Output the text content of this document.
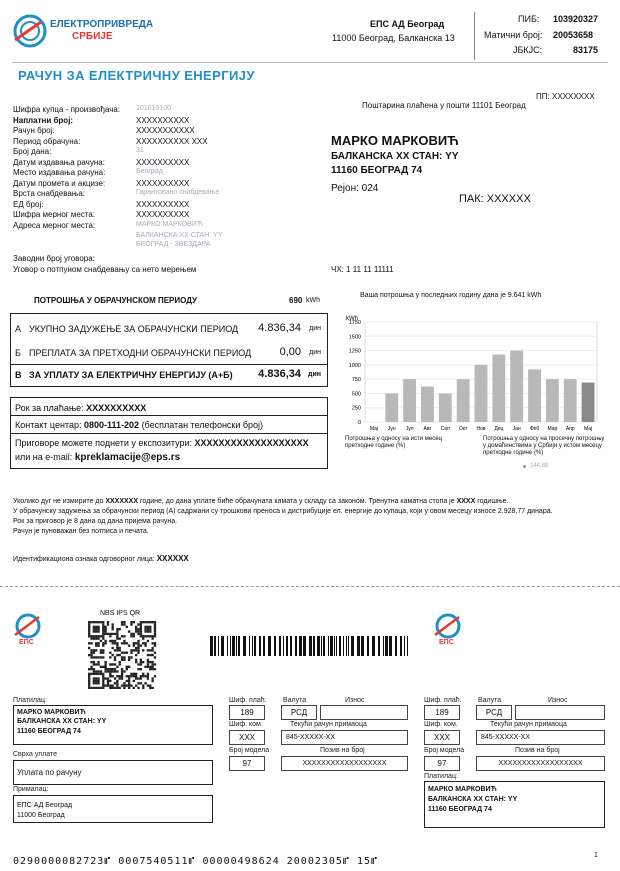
ЕЛЕКТРОПРИВРЕДА
СРБИЈЕ
ЕПС АД Београд
11000 Београд, Балканска 13
ПИБ: 103920327
Матични број: 20053658
ЈБКЈС:	83175
РАЧУН ЗА ЕЛЕКТРИЧНУ ЕНЕРГИЈУ
ПП: XXXXXXXX
Поштарина плаћена у пошти 11101 Београд
Шифра купца - произвођача: 101010100
Наплатни број:	XXXXXXXXXX
Рачун број:	XXXXXXXXXXX
Период обрачуна:	XXXXXXXXXX XXX
Број дана:	31
Датум издавања рачуна:	XXXXXXXXXX
Место издавања рачуна:	Београд
Датум промета и акцизе:	XXXXXXXXXX
Врста снабдевања:	Гарантовано снабдевање
ЕД број:	XXXXXXXXXX
Шифра мерног места:	XXXXXXXXXX
Адреса мерног места:	МАРКО МАРКОВИЋ
БАЛКАНСКА XX СТАН: YY
БЕОГРАД - ЗВЕЗДАРА
МАРКО МАРКОВИЋ
БАЛКАНСКА XX СТАН: YY
11160 БЕОГРАД 74
Рејон: 024
ПАК: XXXXXX
Заводни број уговора:
Уговор о потпуном снабдевању са нето мерењем	ЧХ: 1 11 11 11111
ПОТРОШЊА У ОБРАЧУНСКОМ ПЕРИОДУ	690 kWh
А УКУПНО ЗАДУЖЕЊЕ ЗА ОБРАЧУНСКИ ПЕРИОД 4.836,34 дин
Б ПРЕПЛАТА ЗА ПРЕТХОДНИ ОБРАЧУНСКИ ПЕРИОД	0,00 дин
В ЗА УПЛАТУ ЗА ЕЛЕКТРИЧНУ ЕНЕРГИЈУ (А+Б) 4.836,34 дин
Рок за плаћање: XXXXXXXXXX
Контакт центар: 0800-111-202 (бесплатан телефонски број)
Приговоре можете поднети у експозитури: XXXXXXXXXXXXXXXXXXX
или на e-mail: kpreklamacije@eps.rs
Ваша потрошња у последњих годину дана је 9.641 kWh
kWh
0
250
500
750
1000
1250
1500
1750
Мај Јун Јул Авг Сеп Окт Нов Дец Јан Феб Мар Апр Мај
Потрошња у односу на исти месец претходне године (%)
Потрошња у односу на просечну потрошњу у домаћинствима у Србији у истом месецу претходне године (%)
144,88
Уколико дуг не измирите до XXXXXXX године, до дана уплате биће обрачуната камата у складу са законом. Тренутна каматна стопа је XXXX годишње.
У обрачунску задужења за обрачунски период (А) садржани су трошкови преноса и дистрибуције ел. енергије до купаца, који у овом месецу износе 2.928,77 динара.
Рок за приговор је 8 дана од дана пријема рачуна.
Рачун је пуноважан без потписа и печата.
Идентификациона ознака одговорног лица: XXXXXX
ЕПС	ЕПС
NBS IPS QR
Платилац:
МАРКО МАРКОВИЋ
БАЛКАНСКА XX СТАН: YY
11160 БЕОГРАД 74
Сврха уплате
Уплата по рачуну
Прималац:
ЕПС АД Београд
11000 Београд
Шиф. плаћ. Валута	Износ
189	РСД
Шиф. ком.	Текући рачун примаоца
XXX	845-XXXXX-XX
Број модела	Позив на број
97	XXXXXXXXXXXXXXXXXX
Шиф. плаћ. Валута	Износ
189	РСД
Шиф. ком.	Текући рачун примаоца
XXX	845-XXXXX-XX
Број модела	Позив на број
97	XXXXXXXXXXXXXXXXXX
Платилац:
МАРКО МАРКОВИЋ
БАЛКАНСКА XX СТАН: YY
11160 БЕОГРАД 74
1
0290000082723⑈ 0007540511⑈ 00000498624 20002305⑈ 15⑈
